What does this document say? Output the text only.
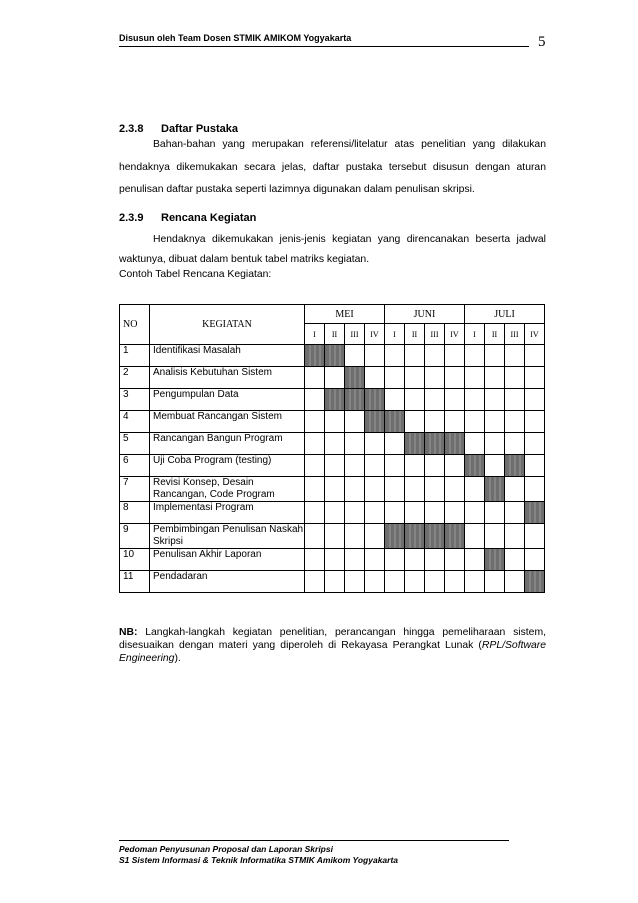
Disusun oleh Team Dosen STMIK AMIKOM Yogyakarta	5
2.3.8 Daftar Pustaka
Bahan-bahan yang merupakan referensi/litelatur atas penelitian yang dilakukan hendaknya dikemukakan secara jelas, daftar pustaka tersebut disusun dengan aturan penulisan daftar pustaka seperti lazimnya digunakan dalam penulisan skripsi.
2.3.9 Rencana Kegiatan
Hendaknya dikemukakan jenis-jenis kegiatan yang direncanakan beserta jadwal waktunya, dibuat dalam bentuk tabel matriks kegiatan.
Contoh Tabel Rencana Kegiatan:
NO	KEGIATAN	MEI				JUNI				JULI			
		I	II	III	IV	I	II	III	IV	I	II	III	IV
1	Identifikasi Masalah												
2	Analisis Kebutuhan Sistem												
3	Pengumpulan Data												
4	Membuat Rancangan Sistem												
5	Rancangan Bangun Program												
6	Uji Coba Program (testing)												
7	Revisi Konsep, Desain Rancangan, Code Program												
8	Implementasi Program												
9	Pembimbingan Penulisan Naskah Skripsi												
10	Penulisan Akhir Laporan												
11	Pendadaran												
NB: Langkah-langkah kegiatan penelitian, perancangan hingga pemeliharaan sistem, disesuaikan dengan materi yang diperoleh di Rekayasa Perangkat Lunak (RPL/Software Engineering).
Pedoman Penyusunan Proposal dan Laporan Skripsi
S1 Sistem Informasi & Teknik Informatika STMIK Amikom Yogyakarta
